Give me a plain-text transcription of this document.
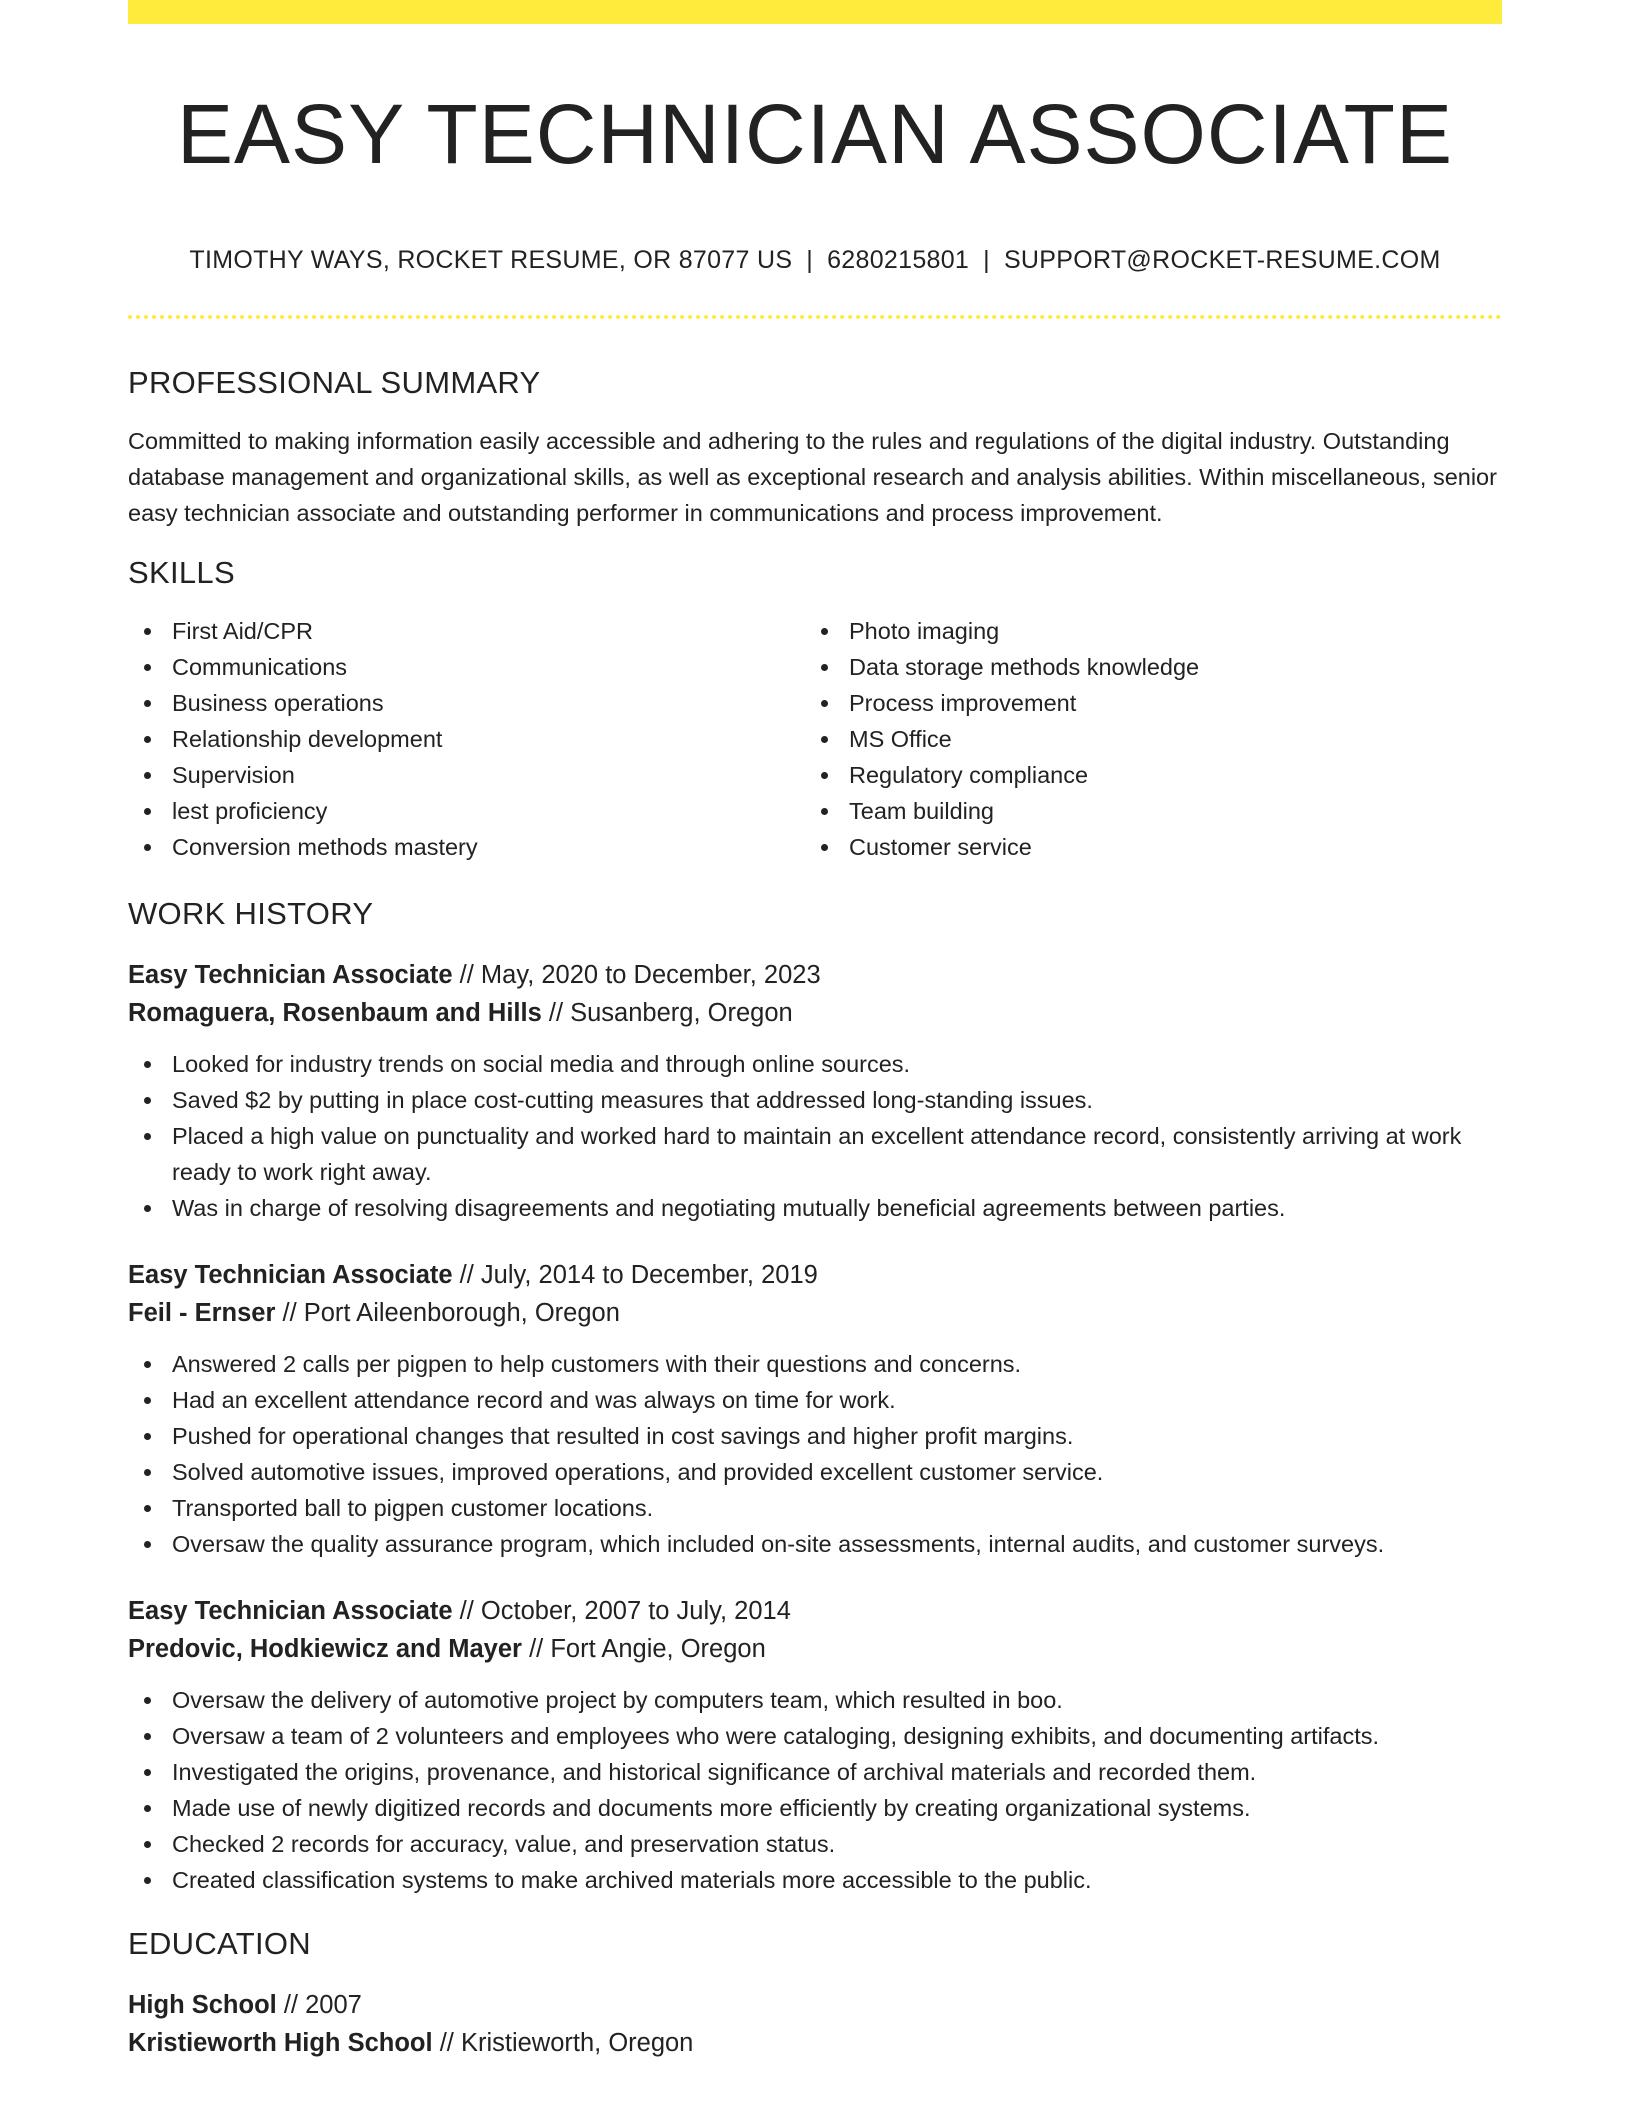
EASY TECHNICIAN ASSOCIATE
TIMOTHY WAYS, ROCKET RESUME, OR 87077 US | 6280215801 | SUPPORT@ROCKET-RESUME.COM
PROFESSIONAL SUMMARY

Committed to making information easily accessible and adhering to the rules and regulations of the digital industry. Outstanding database management and organizational skills, as well as exceptional research and analysis abilities. Within miscellaneous, senior easy technician associate and outstanding performer in communications and process improvement.

SKILLS
First Aid/CPR
Communications
Business operations
Relationship development
Supervision
lest proficiency
Conversion methods mastery
Photo imaging
Data storage methods knowledge
Process improvement
MS Office
Regulatory compliance
Team building
Customer service
WORK HISTORY
Easy Technician Associate // May, 2020 to December, 2023
Romaguera, Rosenbaum and Hills // Susanberg, Oregon
Looked for industry trends on social media and through online sources.
Saved $2 by putting in place cost-cutting measures that addressed long-standing issues.
Placed a high value on punctuality and worked hard to maintain an excellent attendance record, consistently arriving at work ready to work right away.
Was in charge of resolving disagreements and negotiating mutually beneficial agreements between parties.
Easy Technician Associate // July, 2014 to December, 2019
Feil - Ernser // Port Aileenborough, Oregon
Answered 2 calls per pigpen to help customers with their questions and concerns.
Had an excellent attendance record and was always on time for work.
Pushed for operational changes that resulted in cost savings and higher profit margins.
Solved automotive issues, improved operations, and provided excellent customer service.
Transported ball to pigpen customer locations.
Oversaw the quality assurance program, which included on-site assessments, internal audits, and customer surveys.
Easy Technician Associate // October, 2007 to July, 2014
Predovic, Hodkiewicz and Mayer // Fort Angie, Oregon
Oversaw the delivery of automotive project by computers team, which resulted in boo.
Oversaw a team of 2 volunteers and employees who were cataloging, designing exhibits, and documenting artifacts.
Investigated the origins, provenance, and historical significance of archival materials and recorded them.
Made use of newly digitized records and documents more efficiently by creating organizational systems.
Checked 2 records for accuracy, value, and preservation status.
Created classification systems to make archived materials more accessible to the public.
EDUCATION
High School // 2007
Kristieworth High School // Kristieworth, Oregon
